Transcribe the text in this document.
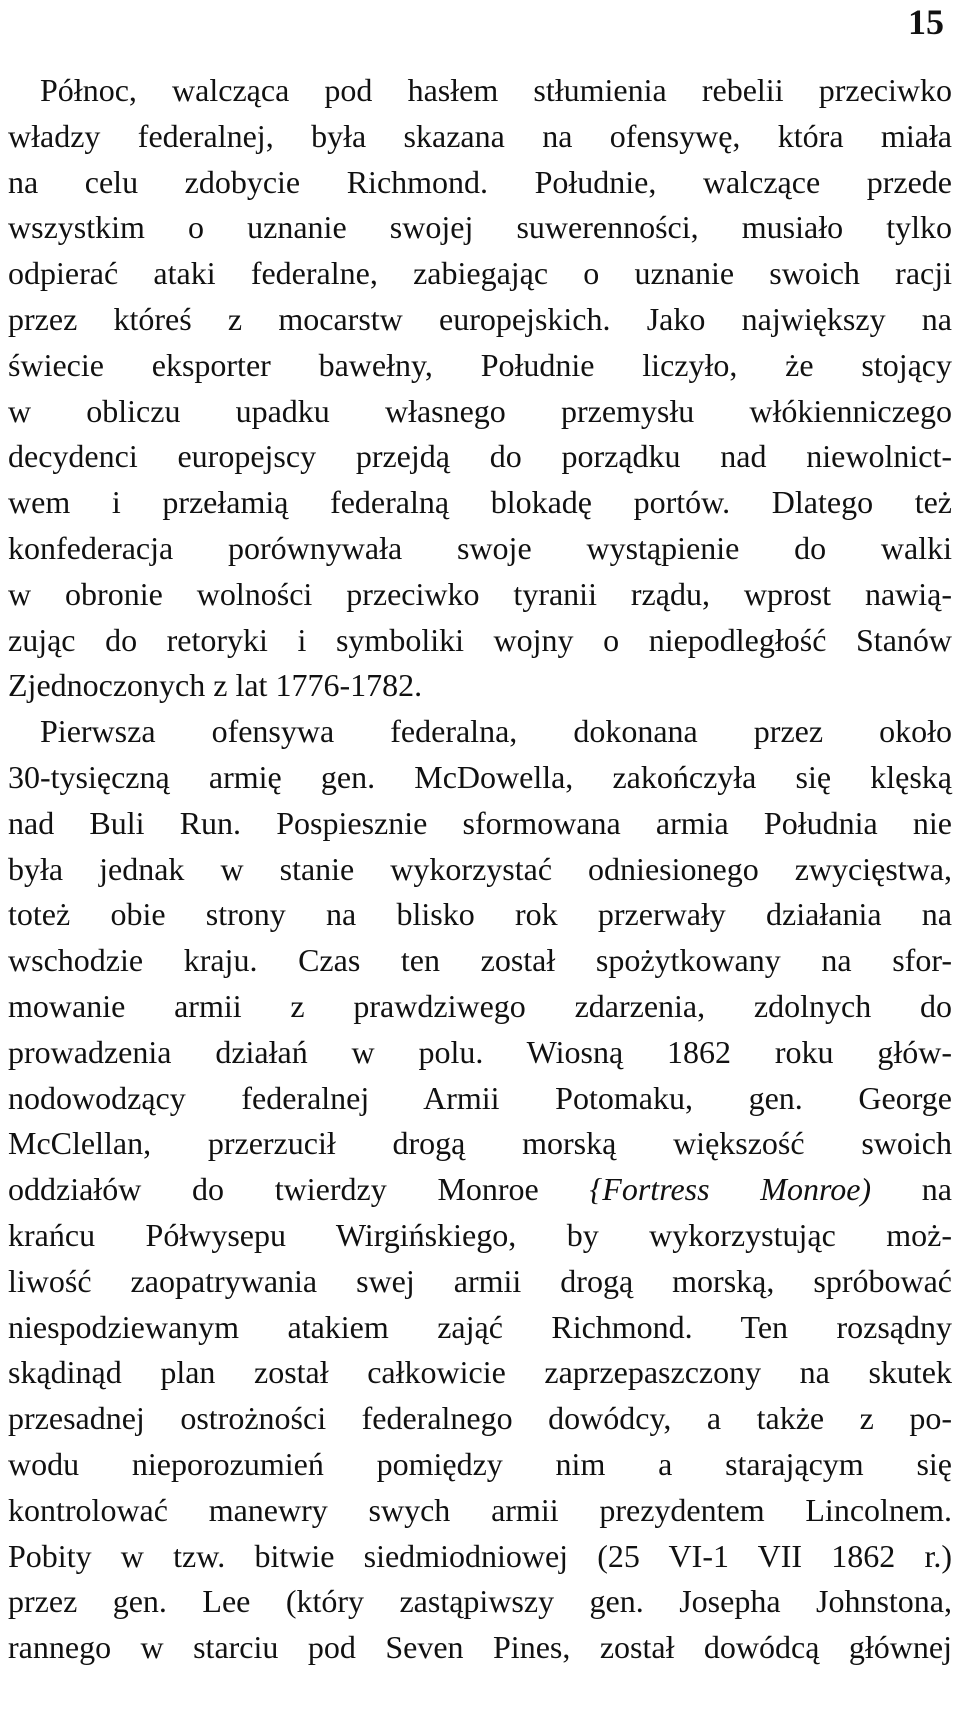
15
Północ, walcząca pod hasłem stłumienia rebelii przeciwko
władzy federalnej, była skazana na ofensywę, która miała
na celu zdobycie Richmond. Południe, walczące przede
wszystkim o uznanie swojej suwerenności, musiało tylko
odpierać ataki federalne, zabiegając o uznanie swoich racji
przez któreś z mocarstw europejskich. Jako największy na
świecie eksporter bawełny, Południe liczyło, że stojący
w obliczu upadku własnego przemysłu włókienniczego
decydenci europejscy przejdą do porządku nad niewolnict-
wem i przełamią federalną blokadę portów. Dlatego też
konfederacja porównywała swoje wystąpienie do walki
w obronie wolności przeciwko tyranii rządu, wprost nawią-
zując do retoryki i symboliki wojny o niepodległość Stanów
Zjednoczonych z lat 1776-1782.
Pierwsza ofensywa federalna, dokonana przez około
30-tysięczną armię gen. McDowella, zakończyła się klęską
nad Buli Run. Pospiesznie sformowana armia Południa nie
była jednak w stanie wykorzystać odniesionego zwycięstwa,
toteż obie strony na blisko rok przerwały działania na
wschodzie kraju. Czas ten został spożytkowany na sfor-
mowanie armii z prawdziwego zdarzenia, zdolnych do
prowadzenia działań w polu. Wiosną 1862 roku głów-
nodowodzący federalnej Armii Potomaku, gen. George
McClellan, przerzucił drogą morską większość swoich
oddziałów do twierdzy Monroe {Fortress Monroe) na
krańcu Półwysepu Wirgińskiego, by wykorzystując moż-
liwość zaopatrywania swej armii drogą morską, spróbować
niespodziewanym atakiem zająć Richmond. Ten rozsądny
skądinąd plan został całkowicie zaprzepaszczony na skutek
przesadnej ostrożności federalnego dowódcy, a także z po-
wodu nieporozumień pomiędzy nim a starającym się
kontrolować manewry swych armii prezydentem Lincolnem.
Pobity w tzw. bitwie siedmiodniowej (25 VI-1 VII 1862 r.)
przez gen. Lee (który zastąpiwszy gen. Josepha Johnstona,
rannego w starciu pod Seven Pines, został dowódcą głównej
